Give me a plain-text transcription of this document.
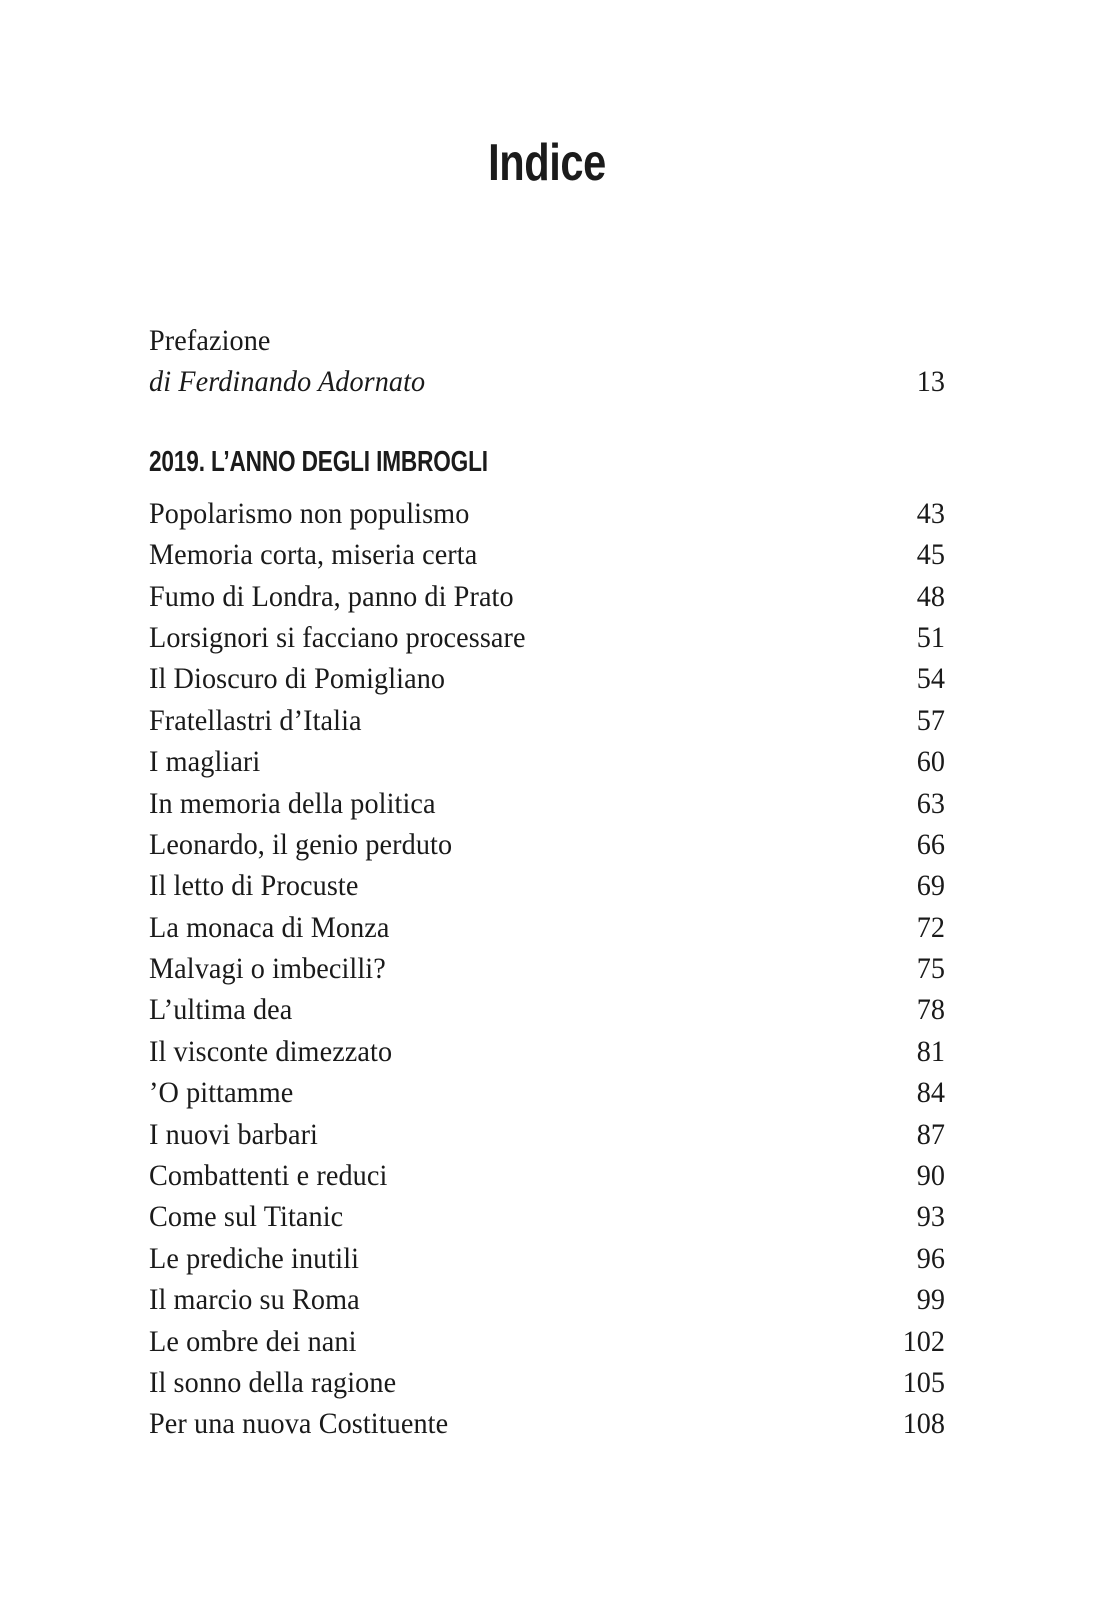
Indice
Prefazione
di Ferdinando Adornato	13
2019. L’ANNO DEGLI IMBROGLI
Popolarismo non populismo	43
Memoria corta, miseria certa	45
Fumo di Londra, panno di Prato	48
Lorsignori si facciano processare	51
Il Dioscuro di Pomigliano	54
Fratellastri d’Italia	57
I magliari	60
In memoria della politica	63
Leonardo, il genio perduto	66
Il letto di Procuste	69
La monaca di Monza	72
Malvagi o imbecilli?	75
L’ultima dea	78
Il visconte dimezzato	81
’O pittamme	84
I nuovi barbari	87
Combattenti e reduci	90
Come sul Titanic	93
Le prediche inutili	96
Il marcio su Roma	99
Le ombre dei nani	102
Il sonno della ragione	105
Per una nuova Costituente	108
